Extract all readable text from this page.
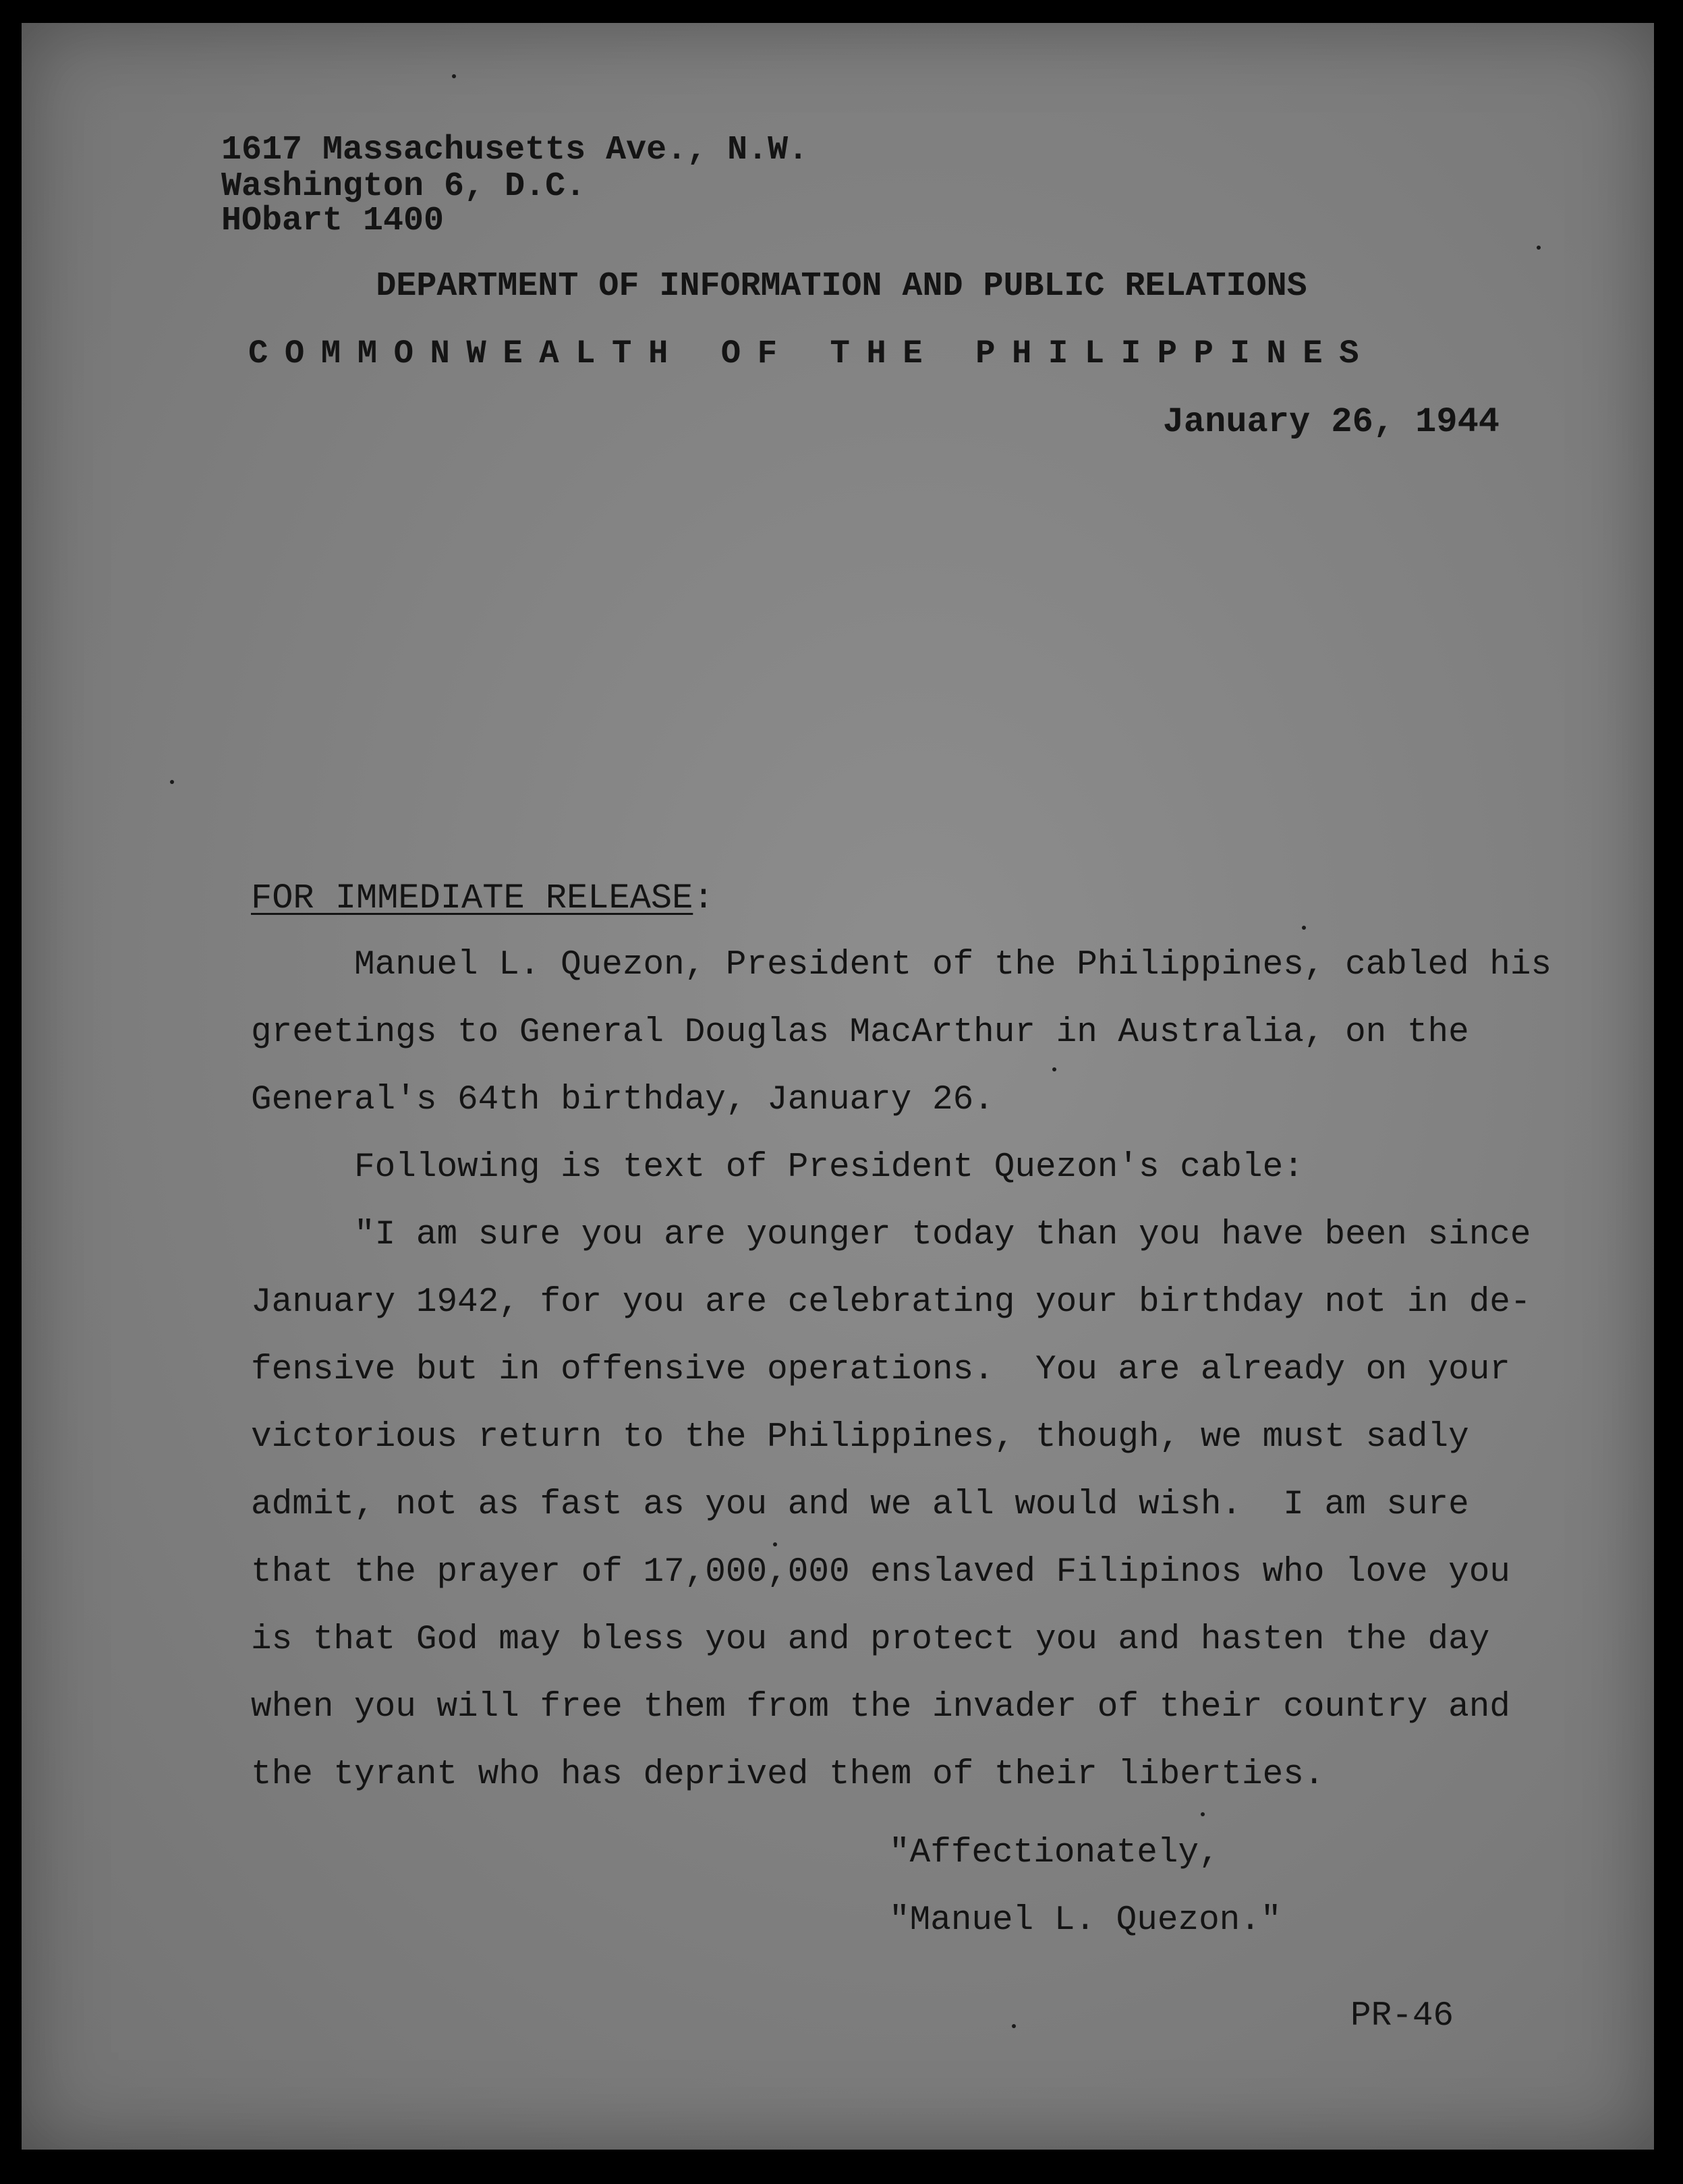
1617 Massachusetts Ave., N.W.
Washington 6, D.C.
HObart 1400
DEPARTMENT OF INFORMATION AND PUBLIC RELATIONS
COMMONWEALTH OF THE PHILIPPINES
January 26, 1944
FOR IMMEDIATE RELEASE:
Manuel L. Quezon, President of the Philippines, cabled his
greetings to General Douglas MacArthur in Australia, on the
General's 64th birthday, January 26.
Following is text of President Quezon's cable:
"I am sure you are younger today than you have been since
January 1942, for you are celebrating your birthday not in de-
fensive but in offensive operations.  You are already on your
victorious return to the Philippines, though, we must sadly
admit, not as fast as you and we all would wish.  I am sure
that the prayer of 17,000,000 enslaved Filipinos who love you
is that God may bless you and protect you and hasten the day
when you will free them from the invader of their country and
the tyrant who has deprived them of their liberties.
"Affectionately,
"Manuel L. Quezon."
PR-46
